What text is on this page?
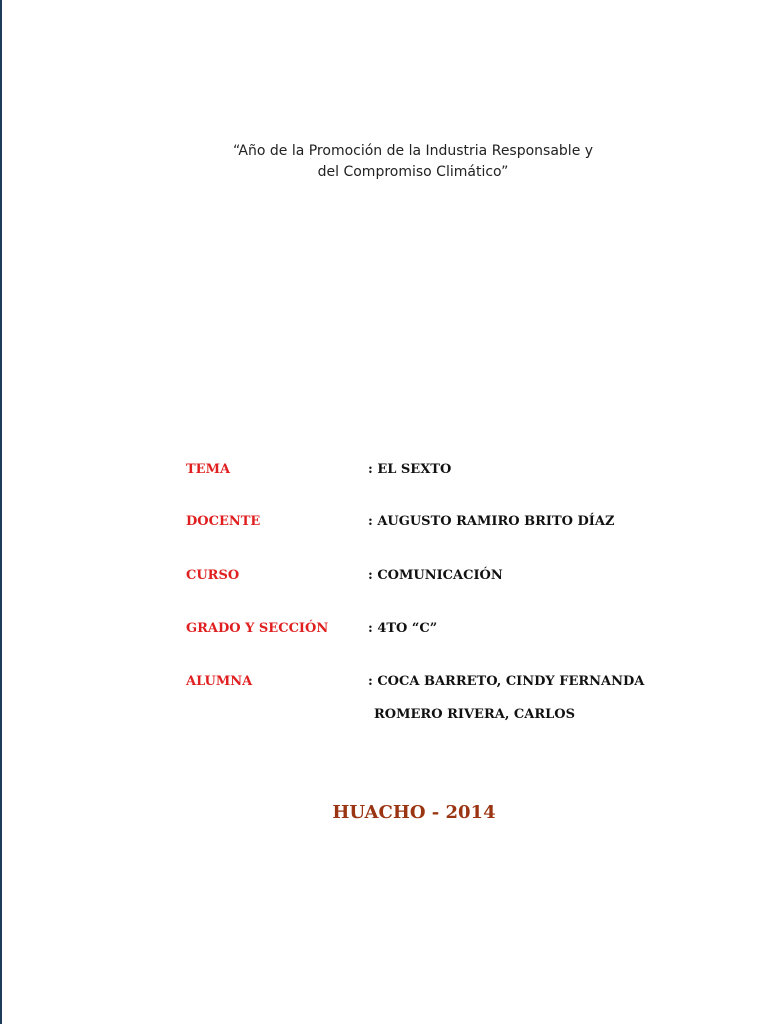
“Año de la Promoción de la Industria Responsable y
del Compromiso Climático”
TEMA	: EL SEXTO
DOCENTE	: AUGUSTO RAMIRO BRITO DÍAZ
CURSO	: COMUNICACIÓN
GRADO Y SECCIÓN	: 4TO “C”
ALUMNA	: COCA BARRETO, CINDY FERNANDA
ROMERO RIVERA, CARLOS
HUACHO - 2014
